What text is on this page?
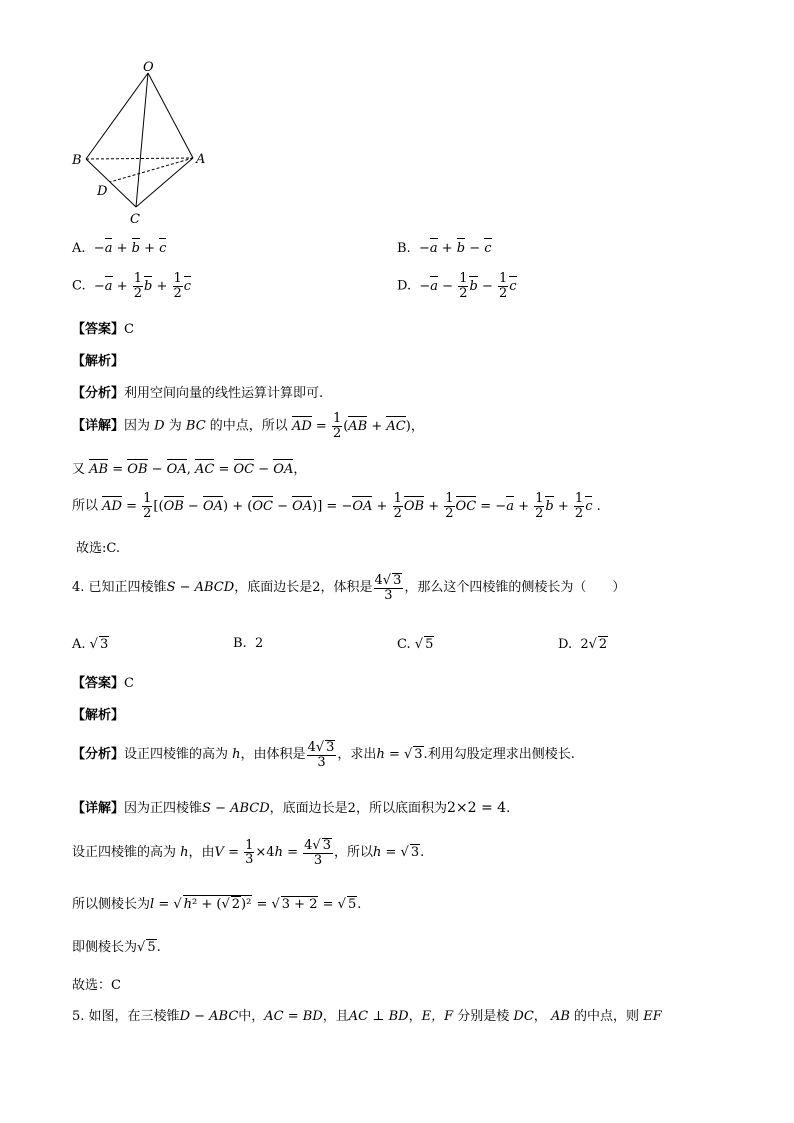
O
B	A
D
C
A.  −a + b + c	B.  −a + b − c
C.  $-a + \frac{1}{2}$ $b + \frac{1}{2}$ c	D.  $-a - \frac{1}{2}$ $b - \frac{1}{2}$ c
【答案】C
【解析】
【分析】利用空间向量的线性运算计算即可.
【详解】因为 D 为 BC 的中点，所以 AD = $\frac{1}{2} (AB + AC)$，
又 AB = OB − OA, AC = OC − OA，
所以 AD = $\frac{1}{2} [(OB - OA) + (OC - OA)] = -OA + \frac{1}{2}$ OB + $\frac{1}{2}$ OC = $-a + \frac{1}{2}$ $b + \frac{1}{2}$ c .
故选:C.
4. 已知正四棱锥S − ABCD，底面边长是2，体积是 $\frac{4√ 3}{3}$ ，那么这个四棱锥的侧棱长为（　　）
A. √ 3	B. 2	C. √ 5	D. 2√ 2
【答案】C
【解析】
【分析】设正四棱锥的高为 h，由体积是 $\frac{4√ 3}{3}$ ，求出h = √ 3.利用勾股定理求出侧棱长.
【详解】因为正四棱锥S − ABCD，底面边长是2，所以底面积为2×2 = 4.
设正四棱锥的高为 h，由$V = \frac{1}{3} \times 4h = \frac{4√ 3}{3}$ ，所以h = √ 3.
所以侧棱长为l = √ h² + (√ 2)² = √ 3 + 2 = √ 5.
即侧棱长为√ 5.
故选：C
5. 如图，在三棱锥D − ABC中，AC = BD，且AC ⊥ BD，E，F 分别是棱 DC， AB 的中点，则 EF
